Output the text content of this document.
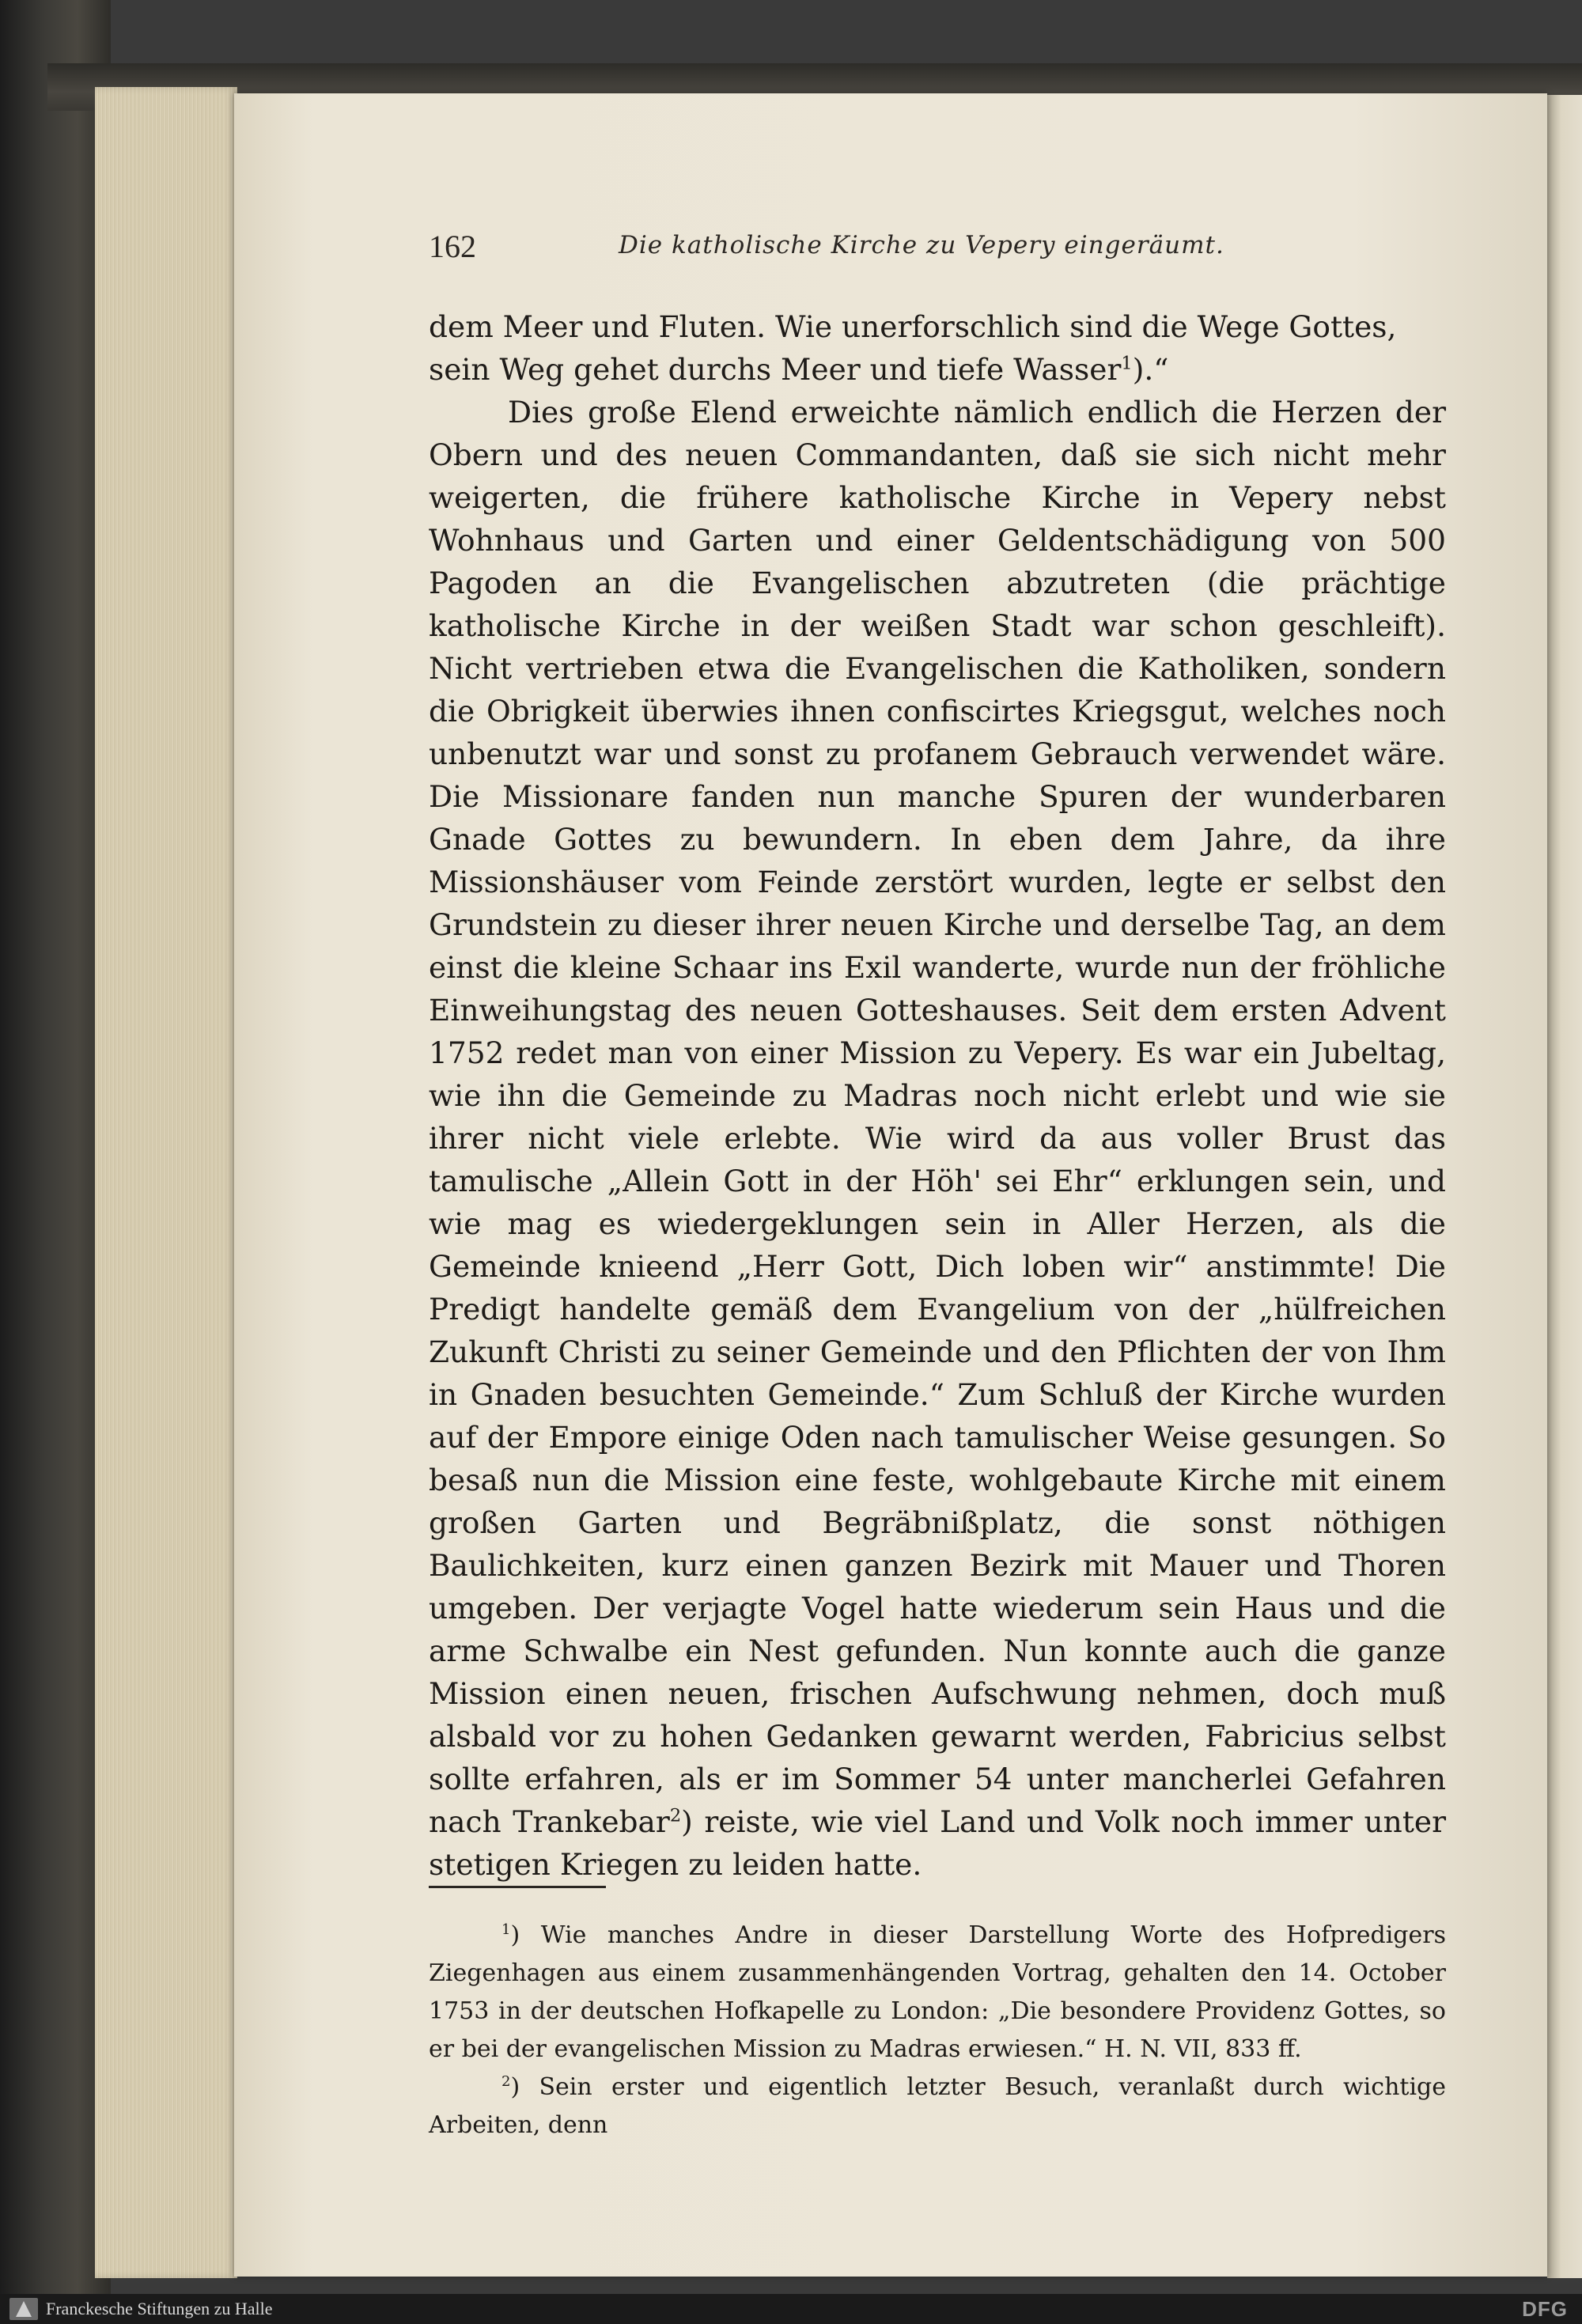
162	Die katholische Kirche zu Vepery eingeräumt.

dem Meer und Fluten. Wie unerforschlich sind die Wege Gottes,

sein Weg gehet durchs Meer und tiefe Wasser$^1$).“

Dies große Elend erweichte nämlich endlich die Herzen der Obern und des neuen Commandanten, daß sie sich nicht mehr weigerten, die frühere katholische Kirche in Vepery nebst Wohnhaus und Garten und einer Geldentschädigung von 500 Pagoden an die Evangelischen abzutreten (die prächtige katholische Kirche in der weißen Stadt war schon geschleift). Nicht vertrieben etwa die Evangelischen die Katholiken, sondern die Obrigkeit überwies ihnen confiscirtes Kriegsgut, welches noch unbenutzt war und sonst zu profanem Gebrauch verwendet wäre. Die Missionare fanden nun manche Spuren der wunderbaren Gnade Gottes zu bewundern. In eben dem Jahre, da ihre Missionshäuser vom Feinde zerstört wurden, legte er selbst den Grundstein zu dieser ihrer neuen Kirche und derselbe Tag, an dem einst die kleine Schaar ins Exil wanderte, wurde nun der fröhliche Einweihungstag des neuen Gotteshauses. Seit dem ersten Advent 1752 redet man von einer Mission zu Vepery. Es war ein Jubeltag, wie ihn die Gemeinde zu Madras noch nicht erlebt und wie sie ihrer nicht viele erlebte. Wie wird da aus voller Brust das tamulische „Allein Gott in der Höh' sei Ehr“ erklungen sein, und wie mag es wiedergeklungen sein in Aller Herzen, als die Gemeinde knieend „Herr Gott, Dich loben wir“ anstimmte! Die Predigt handelte gemäß dem Evangelium von der „hülfreichen Zukunft Christi zu seiner Gemeinde und den Pflichten der von Ihm in Gnaden besuchten Gemeinde.“ Zum Schluß der Kirche wurden auf der Empore einige Oden nach tamulischer Weise gesungen. So besaß nun die Mission eine feste, wohlgebaute Kirche mit einem großen Garten und Begräbnißplatz, die sonst nöthigen Baulichkeiten, kurz einen ganzen Bezirk mit Mauer und Thoren umgeben. Der verjagte Vogel hatte wiederum sein Haus und die arme Schwalbe ein Nest gefunden. Nun konnte auch die ganze Mission einen neuen, frischen Aufschwung nehmen, doch muß alsbald vor zu hohen Gedanken gewarnt werden, Fabricius selbst sollte erfahren, als er im Sommer 54 unter mancherlei Gefahren nach Trankebar$^2$) reiste, wie viel Land und Volk noch immer unter stetigen Kriegen zu leiden hatte.

$^1$) Wie manches Andre in dieser Darstellung Worte des Hofpredigers Ziegenhagen aus einem zusammenhängenden Vortrag, gehalten den 14. October 1753 in der deutschen Hofkapelle zu London: „Die besondere Providenz Gottes, so er bei der evangelischen Mission zu Madras erwiesen.“ H. N. VII, 833 ff.

$^2$) Sein erster und eigentlich letzter Besuch, veranlaßt durch wichtige Arbeiten, denn

Franckesche Stiftungen zu Halle	DFG
